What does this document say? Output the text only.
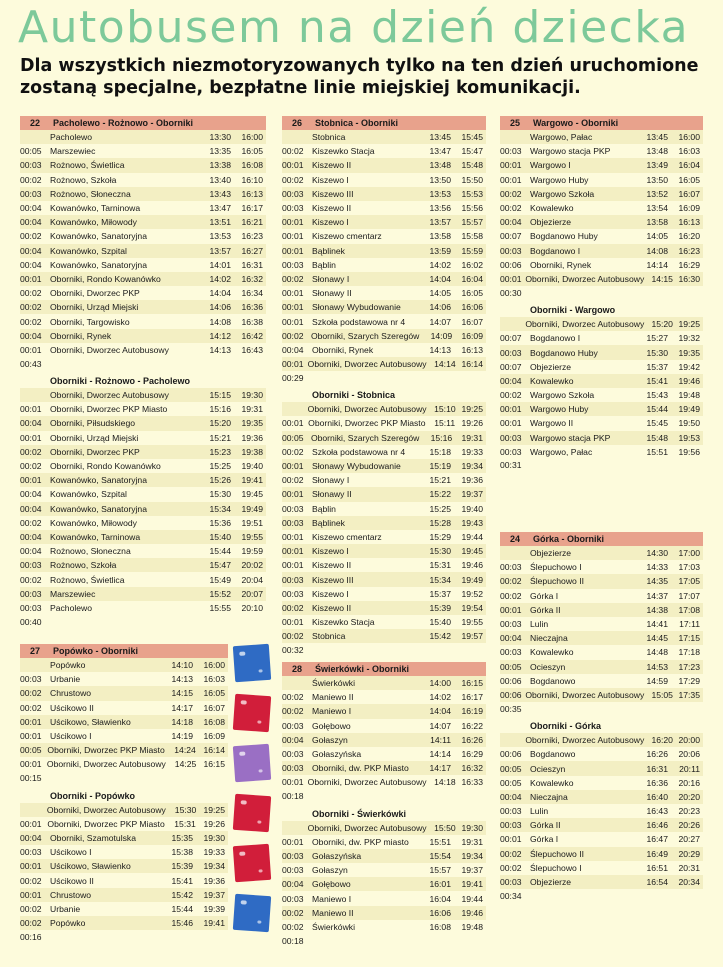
Autobusem na dzień dziecka
Dla wszystkich niezmotoryzowanych tylko na ten dzień uruchomione zostaną specjalne, bezpłatne linie miejskiej komunikacji.
22	Pacholewo - Rożnowo - Oborniki
Pacholewo	13:30	16:00
00:05 Marszewiec	13:35	16:05
00:03 Rożnowo, Świetlica	13:38	16:08
00:02 Rożnowo, Szkoła	13:40	16:10
00:03 Rożnowo, Słoneczna	13:43	16:13
00:04 Kowanówko, Tarninowa	13:47	16:17
00:04 Kowanówko, Miłowody	13:51	16:21
00:02 Kowanówko, Sanatoryjna	13:53	16:23
00:04 Kowanówko, Szpital	13:57	16:27
00:04 Kowanówko, Sanatoryjna	14:01	16:31
00:01 Oborniki, Rondo Kowanówko	14:02	16:32
00:02 Oborniki, Dworzec PKP	14:04	16:34
00:02 Oborniki, Urząd Miejski	14:06	16:36
00:02 Oborniki, Targowisko	14:08	16:38
00:04 Oborniki, Rynek	14:12	16:42
00:01 Oborniki, Dworzec Autobusowy	14:13	16:43
00:43
Oborniki - Rożnowo - Pacholewo
Oborniki, Dworzec Autobusowy	15:15	19:30
00:01 Oborniki, Dworzec PKP Miasto	15:16	19:31
00:04 Oborniki, Piłsudskiego	15:20	19:35
00:01 Oborniki, Urząd Miejski	15:21	19:36
00:02 Oborniki, Dworzec PKP	15:23	19:38
00:02 Oborniki, Rondo Kowanówko	15:25	19:40
00:01 Kowanówko, Sanatoryjna	15:26	19:41
00:04 Kowanówko, Szpital	15:30	19:45
00:04 Kowanówko, Sanatoryjna	15:34	19:49
00:02 Kowanówko, Miłowody	15:36	19:51
00:04 Kowanówko, Tarninowa	15:40	19:55
00:04 Rożnowo, Słoneczna	15:44	19:59
00:03 Rożnowo, Szkoła	15:47	20:02
00:02 Rożnowo, Świetlica	15:49	20:04
00:03 Marszewiec	15:52	20:07
00:03 Pacholewo	15:55	20:10
00:40
26	Stobnica - Oborniki
Stobnica	13:45	15:45
00:02 Kiszewko Stacja	13:47	15:47
00:01 Kiszewo II	13:48	15:48
00:02 Kiszewo I	13:50	15:50
00:03 Kiszewo III	13:53	15:53
00:03 Kiszewo II	13:56	15:56
00:01 Kiszewo I	13:57	15:57
00:01 Kiszewo cmentarz	13:58	15:58
00:01 Bąblinek	13:59	15:59
00:03 Bąblin	14:02	16:02
00:02 Słonawy I	14:04	16:04
00:01 Słonawy II	14:05	16:05
00:01 Słonawy Wybudowanie	14:06	16:06
00:01 Szkoła podstawowa nr 4	14:07	16:07
00:02 Oborniki, Szarych Szeregów	14:09	16:09
00:04 Oborniki, Rynek	14:13	16:13
00:01 Oborniki, Dworzec Autobusowy 14:14 16:14
00:29
Oborniki - Stobnica
Oborniki, Dworzec Autobusowy 15:10 19:25
00:01 Oborniki, Dworzec PKP Miasto	15:11 19:26
00:05 Oborniki, Szarych Szeregów	15:16	19:31
00:02 Szkoła podstawowa nr 4	15:18	19:33
00:01 Słonawy Wybudowanie	15:19	19:34
00:02 Słonawy I	15:21	19:36
00:01 Słonawy II	15:22	19:37
00:03 Bąblin	15:25	19:40
00:03 Bąblinek	15:28	19:43
00:01 Kiszewo cmentarz	15:29	19:44
00:01 Kiszewo I	15:30	19:45
00:01 Kiszewo II	15:31	19:46
00:03 Kiszewo III	15:34	19:49
00:03 Kiszewo I	15:37	19:52
00:02 Kiszewo II	15:39	19:54
00:01 Kiszewko Stacja	15:40	19:55
00:02 Stobnica	15:42	19:57
00:32
25	Wargowo - Oborniki
Wargowo, Pałac	13:45	16:00
00:03 Wargowo stacja PKP	13:48	16:03
00:01 Wargowo I	13:49	16:04
00:01 Wargowo Huby	13:50	16:05
00:02 Wargowo Szkoła	13:52	16:07
00:02 Kowalewko	13:54	16:09
00:04 Objezierze	13:58	16:13
00:07 Bogdanowo Huby	14:05	16:20
00:03 Bogdanowo I	14:08	16:23
00:06 Oborniki, Rynek	14:14	16:29
00:01 Oborniki, Dworzec Autobusowy 14:15 16:30
00:30
Oborniki - Wargowo
Oborniki, Dworzec Autobusowy 15:20 19:25
00:07 Bogdanowo I	15:27	19:32
00:03 Bogdanowo Huby	15:30	19:35
00:07 Objezierze	15:37	19:42
00:04 Kowalewko	15:41	19:46
00:02 Wargowo Szkoła	15:43	19:48
00:01 Wargowo Huby	15:44	19:49
00:01 Wargowo II	15:45	19:50
00:03 Wargowo stacja PKP	15:48	19:53
00:03 Wargowo, Pałac	15:51	19:56
00:31
24	Górka - Oborniki
Objezierze	14:30	17:00
00:03 Ślepuchowo I	14:33	17:03
00:02 Ślepuchowo II	14:35	17:05
00:02 Górka I	14:37	17:07
00:01 Górka II	14:38	17:08
00:03 Lulin	14:41	17:11
00:04 Nieczajna	14:45	17:15
00:03 Kowalewko	14:48	17:18
00:05 Ocieszyn	14:53	17:23
00:06 Bogdanowo	14:59	17:29
00:06 Oborniki, Dworzec Autobusowy 15:05 17:35
00:35
Oborniki - Górka
Oborniki, Dworzec Autobusowy 16:20 20:00
00:06 Bogdanowo	16:26	20:06
00:05 Ocieszyn	16:31	20:11
00:05 Kowalewko	16:36	20:16
00:04 Nieczajna	16:40	20:20
00:03 Lulin	16:43	20:23
00:03 Górka II	16:46	20:26
00:01 Górka I	16:47	20:27
00:02 Ślepuchowo II	16:49	20:29
00:02 Ślepuchowo I	16:51	20:31
00:03 Objezierze	16:54	20:34
00:34
27	Popówko - Oborniki
Popówko	14:10	16:00
00:03 Urbanie	14:13	16:03
00:02 Chrustowo	14:15	16:05
00:02 Uścikowo II	14:17	16:07
00:01 Uścikowo, Sławienko	14:18	16:08
00:01 Uścikowo I	14:19	16:09
00:05 Oborniki, Dworzec PKP Miasto	14:24 16:14
00:01 Oborniki, Dworzec Autobusowy	14:25 16:15
00:15
Oborniki - Popówko
Oborniki, Dworzec Autobusowy	15:30 19:25
00:01 Oborniki, Dworzec PKP Miasto	15:31 19:26
00:04 Oborniki, Szamotulska	15:35	19:30
00:03 Uścikowo I	15:38	19:33
00:01 Uścikowo, Sławienko	15:39	19:34
00:02 Uścikowo II	15:41	19:36
00:01 Chrustowo	15:42	19:37
00:02 Urbanie	15:44	19:39
00:02 Popówko	15:46	19:41
00:16
28	Świerkówki - Oborniki
Świerkówki	14:00	16:15
00:02 Maniewo II	14:02	16:17
00:02 Maniewo I	14:04	16:19
00:03 Gołębowo	14:07	16:22
00:04 Gołaszyn	14:11	16:26
00:03 Gołaszyńska	14:14	16:29
00:03 Oborniki, dw. PKP Miasto	14:17	16:32
00:01 Oborniki, Dworzec Autobusowy 14:18 16:33
00:18
Oborniki - Świerkówki
Oborniki, Dworzec Autobusowy 15:50 19:30
00:01 Oborniki, dw. PKP miasto	15:51	19:31
00:03 Gołaszyńska	15:54	19:34
00:03 Gołaszyn	15:57	19:37
00:04 Gołębowo	16:01	19:41
00:03 Maniewo I	16:04	19:44
00:02 Maniewo II	16:06	19:46
00:02 Świerkówki	16:08	19:48
00:18
